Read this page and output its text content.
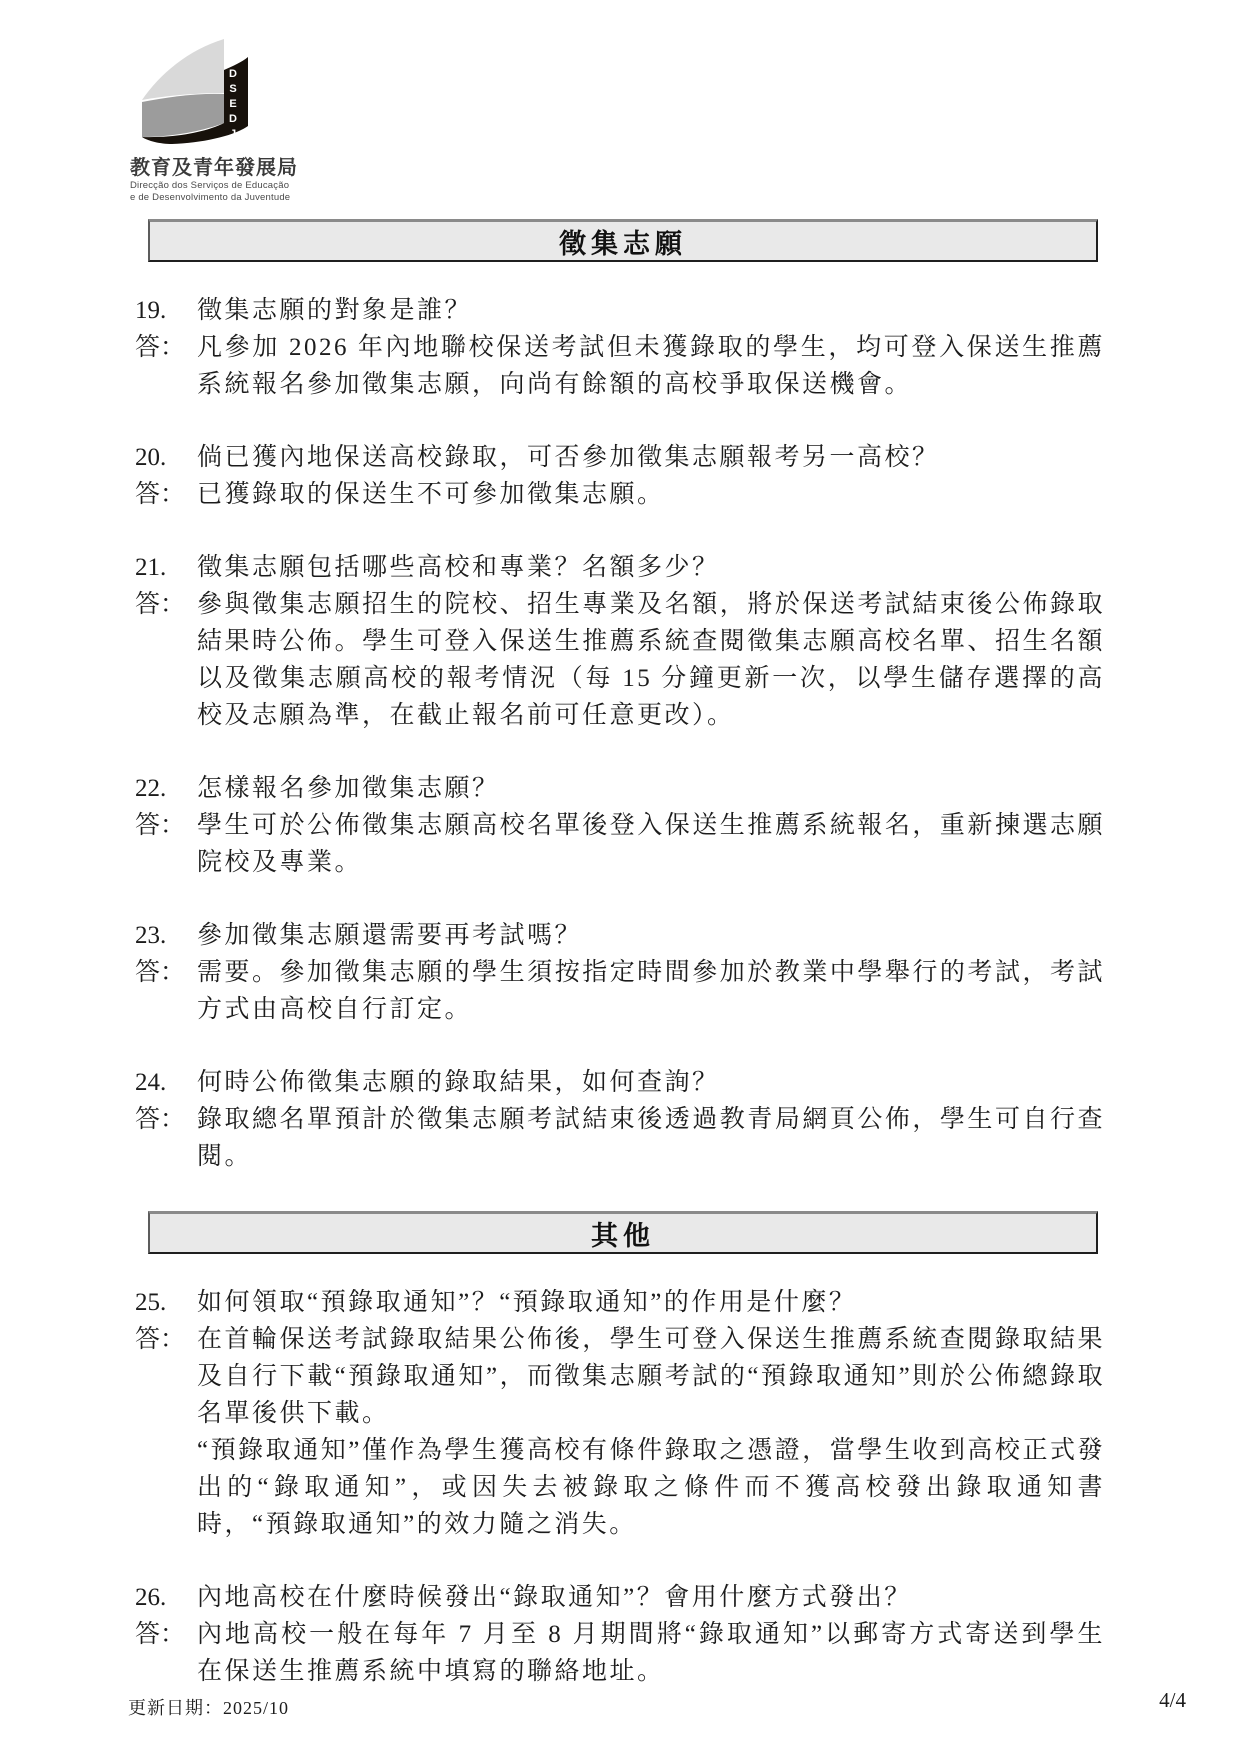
DSEDJ
教育及青年發展局
Direcção dos Serviços de Educação
e de Desenvolvimento da Juventude
徵集志願
19.	徵集志願的對象是誰？
答： 凡參加 2026 年內地聯校保送考試但未獲錄取的學生，均可登入保送生推薦系統報名參加徵集志願，向尚有餘額的高校爭取保送機會。

20.	倘已獲內地保送高校錄取，可否參加徵集志願報考另一高校？
答： 已獲錄取的保送生不可參加徵集志願。

21.	徵集志願包括哪些高校和專業？名額多少？
答： 參與徵集志願招生的院校、招生專業及名額，將於保送考試結束後公佈錄取結果時公佈。學生可登入保送生推薦系統查閱徵集志願高校名單、招生名額以及徵集志願高校的報考情況（每 15 分鐘更新一次，以學生儲存選擇的高校及志願為準，在截止報名前可任意更改）。

22.	怎樣報名參加徵集志願？
答： 學生可於公佈徵集志願高校名單後登入保送生推薦系統報名，重新揀選志願院校及專業。

23.	參加徵集志願還需要再考試嗎？
答： 需要。參加徵集志願的學生須按指定時間參加於教業中學舉行的考試，考試方式由高校自行訂定。

24.	何時公佈徵集志願的錄取結果，如何查詢？
答： 錄取總名單預計於徵集志願考試結束後透過教青局網頁公佈，學生可自行查閱。

其他
25.	如何領取“預錄取通知”？“預錄取通知”的作用是什麼？
答： 在首輪保送考試錄取結果公佈後，學生可登入保送生推薦系統查閱錄取結果及自行下載“預錄取通知”，而徵集志願考試的“預錄取通知”則於公佈總錄取名單後供下載。

“預錄取通知”僅作為學生獲高校有條件錄取之憑證，當學生收到高校正式發出的“錄取通知”，或因失去被錄取之條件而不獲高校發出錄取通知書時，“預錄取通知”的效力隨之消失。

26.	內地高校在什麼時候發出“錄取通知”？會用什麼方式發出？
答： 內地高校一般在每年 7 月至 8 月期間將“錄取通知”以郵寄方式寄送到學生在保送生推薦系統中填寫的聯絡地址。

更新日期：2025/10	4/4
